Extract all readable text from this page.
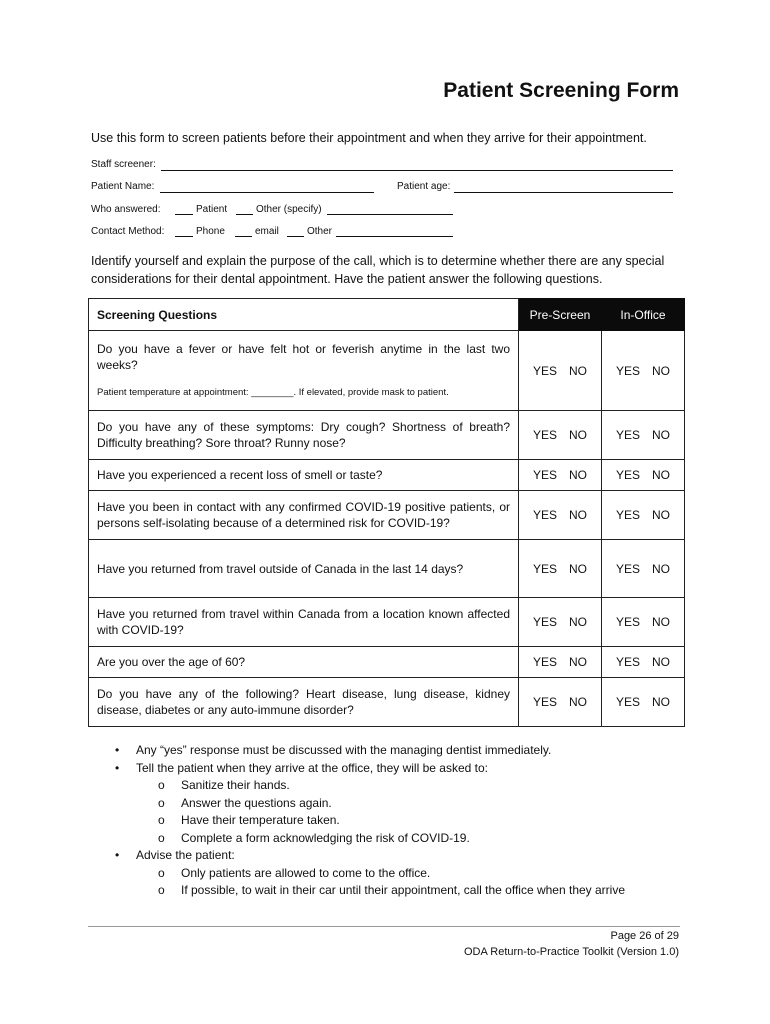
Patient Screening Form
Use this form to screen patients before their appointment and when they arrive for their appointment.
Staff screener:
Patient Name:	Patient age:
Who answered:	Patient	Other (specify)
Contact Method:	Phone	email	Other
Identify yourself and explain the purpose of the call, which is to determine whether there are any special considerations for their dental appointment. Have the patient answer the following questions.
Screening Questions	Pre-Screen	In-Office
Do you have a fever or have felt hot or feverish anytime in the last two weeks?
Patient temperature at appointment: ________. If elevated, provide mask to patient.	YES NO	YES NO
Do you have any of these symptoms: Dry cough? Shortness of breath? Difficulty breathing? Sore throat? Runny nose?	YES NO	YES NO
Have you experienced a recent loss of smell or taste?	YES NO	YES NO
Have you been in contact with any confirmed COVID-19 positive patients, or persons self-isolating because of a determined risk for COVID-19?	YES NO	YES NO
Have you returned from travel outside of Canada in the last 14 days?	YES NO	YES NO
Have you returned from travel within Canada from a location known affected with COVID-19?	YES NO	YES NO
Are you over the age of 60?	YES NO	YES NO
Do you have any of the following? Heart disease, lung disease, kidney disease, diabetes or any auto-immune disorder?	YES NO	YES NO
• Any “yes” response must be discussed with the managing dentist immediately.
• Tell the patient when they arrive at the office, they will be asked to:
o Sanitize their hands.
o Answer the questions again.
o Have their temperature taken.
o Complete a form acknowledging the risk of COVID-19.
• Advise the patient:
o Only patients are allowed to come to the office.
o If possible, to wait in their car until their appointment, call the office when they arrive
Page 26 of 29
ODA Return-to-Practice Toolkit (Version 1.0)
